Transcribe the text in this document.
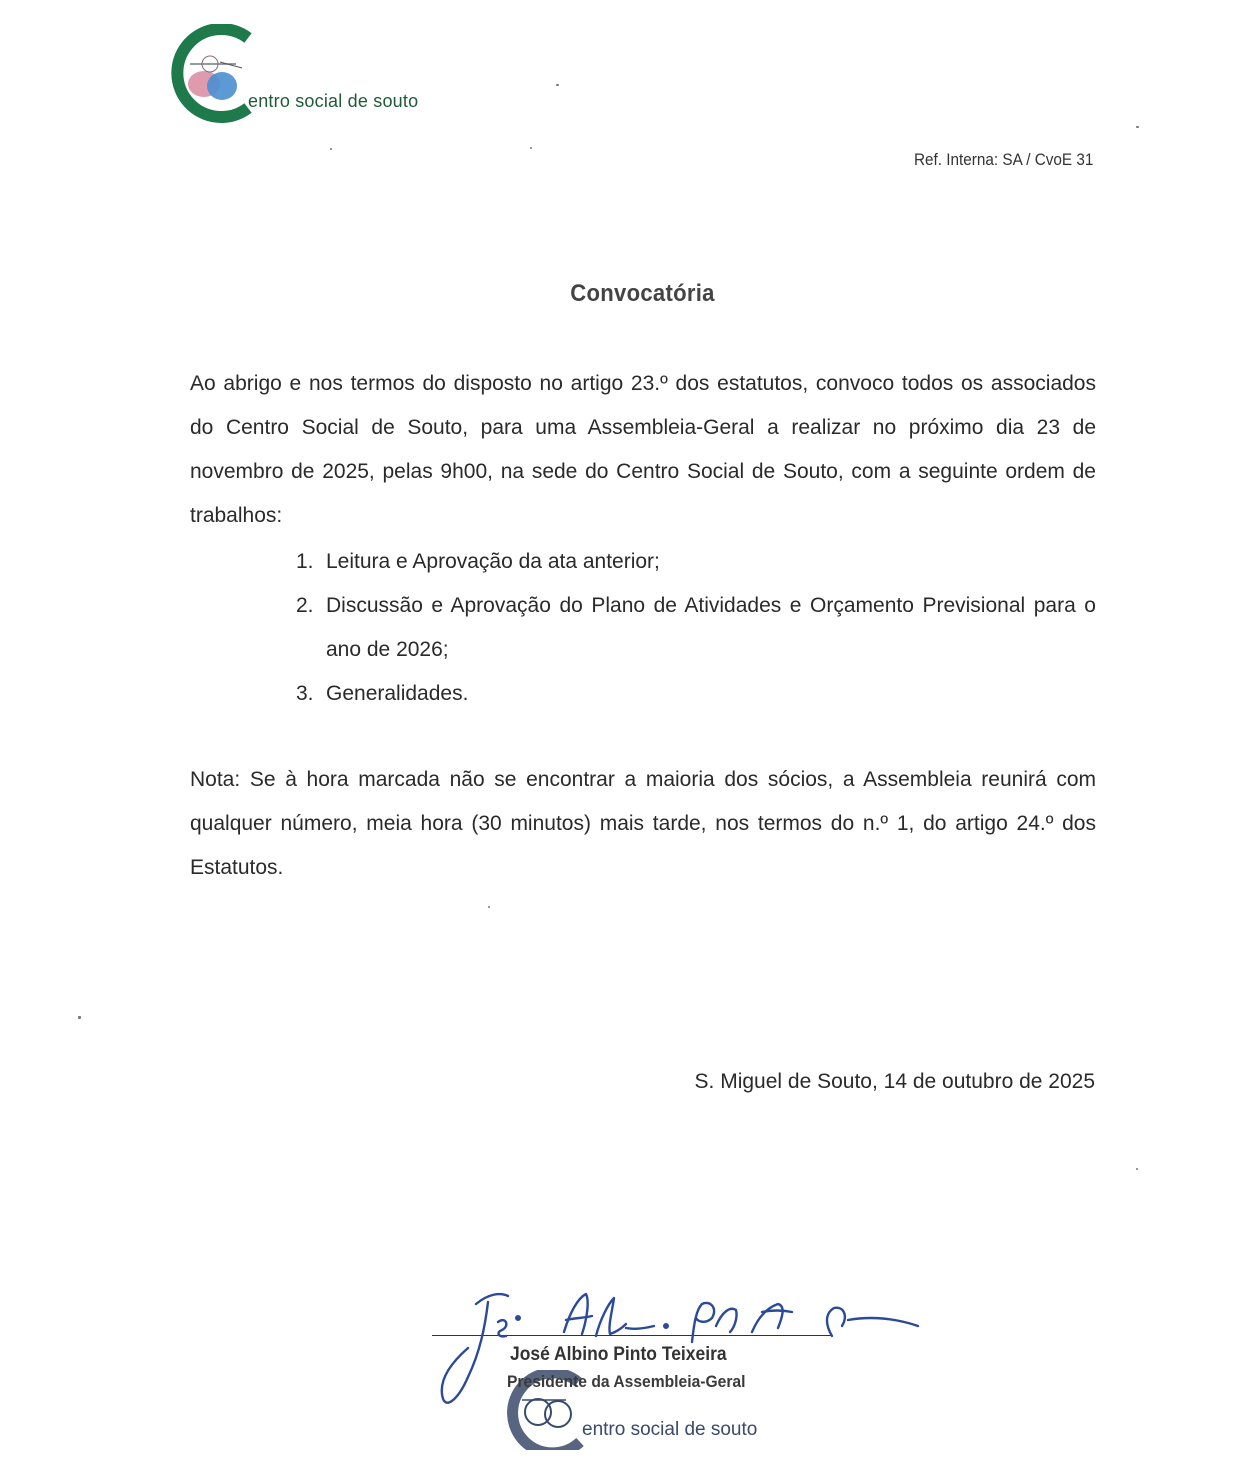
entro social de souto
Ref. Interna: SA / CvoE 31
Convocatória
Ao abrigo e nos termos do disposto no artigo 23.º dos estatutos, convoco todos os associados do Centro Social de Souto, para uma Assembleia-Geral a realizar no próximo dia 23 de novembro de 2025, pelas 9h00, na sede do Centro Social de Souto, com a seguinte ordem de trabalhos:
1. Leitura e Aprovação da ata anterior;
2. Discussão e Aprovação do Plano de Atividades e Orçamento Previsional para o ano de 2026;
3. Generalidades.
Nota: Se à hora marcada não se encontrar a maioria dos sócios, a Assembleia reunirá com qualquer número, meia hora (30 minutos) mais tarde, nos termos do n.º 1, do artigo 24.º dos Estatutos.
S. Miguel de Souto, 14 de outubro de 2025
entro social de souto
José Albino Pinto Teixeira
Presidente da Assembleia-Geral
